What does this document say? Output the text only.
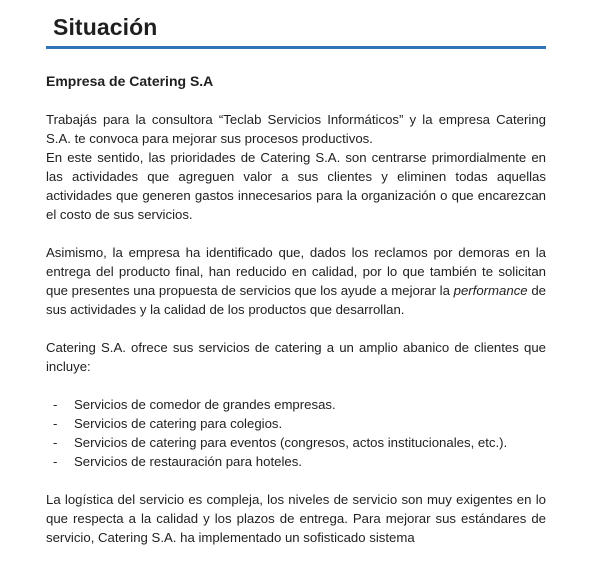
Situación
Empresa de Catering S.A

Trabajás para la consultora “Teclab Servicios Informáticos” y la empresa Catering S.A. te convoca para mejorar sus procesos productivos.

En este sentido, las prioridades de Catering S.A. son centrarse primordialmente en las actividades que agreguen valor a sus clientes y eliminen todas aquellas actividades que generen gastos innecesarios para la organización o que encarezcan el costo de sus servicios.

Asimismo, la empresa ha identificado que, dados los reclamos por demoras en la entrega del producto final, han reducido en calidad, por lo que también te solicitan que presentes una propuesta de servicios que los ayude a mejorar la performance de sus actividades y la calidad de los productos que desarrollan.

Catering S.A. ofrece sus servicios de catering a un amplio abanico de clientes que incluye:

- Servicios de comedor de grandes empresas.
- Servicios de catering para colegios.
- Servicios de catering para eventos (congresos, actos institucionales, etc.).
- Servicios de restauración para hoteles.

La logística del servicio es compleja, los niveles de servicio son muy exigentes en lo que respecta a la calidad y los plazos de entrega. Para mejorar sus estándares de servicio, Catering S.A. ha implementado un sofisticado sistema
